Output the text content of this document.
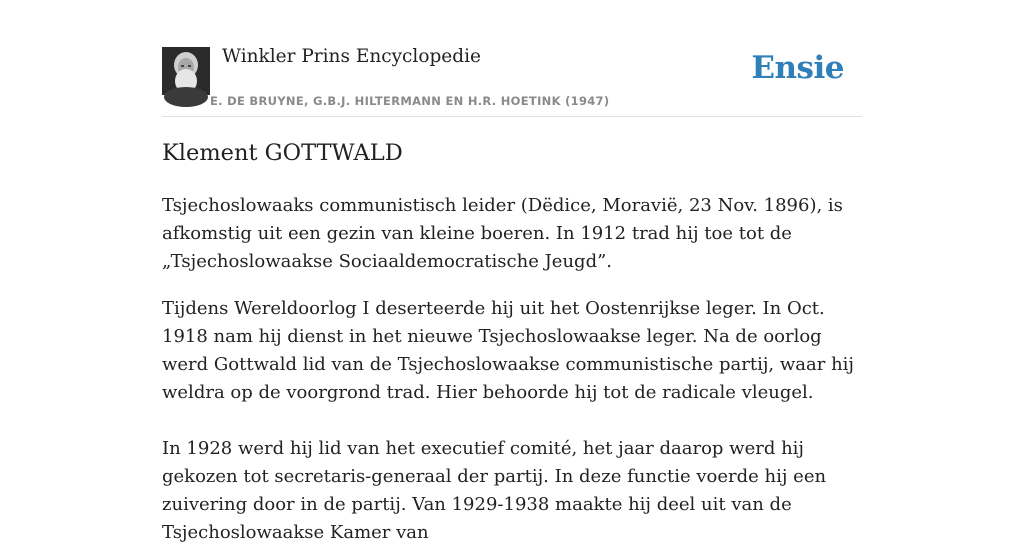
Winkler Prins Encyclopedie
E. DE BRUYNE, G.B.J. HILTERMANN EN H.R. HOETINK (1947)
Ensie
Klement GOTTWALD

Tsjechoslowaaks communistisch leider (Dëdice, Moravië, 23 Nov. 1896), is afkomstig uit een gezin van kleine boeren. In 1912 trad hij toe tot de „Tsjechoslowaakse Sociaaldemocratische Jeugd”.

Tijdens Wereldoorlog I deserteerde hij uit het Oostenrijkse leger. In Oct. 1918 nam hij dienst in het nieuwe Tsjechoslowaakse leger. Na de oorlog werd Gottwald lid van de Tsjechoslowaakse communistische partij, waar hij weldra op de voorgrond trad. Hier behoorde hij tot de radicale vleugel.

In 1928 werd hij lid van het executief comité, het jaar daarop werd hij gekozen tot secretaris-generaal der partij. In deze functie voerde hij een zuivering door in de partij. Van 1929-1938 maakte hij deel uit van de Tsjechoslowaakse Kamer van
